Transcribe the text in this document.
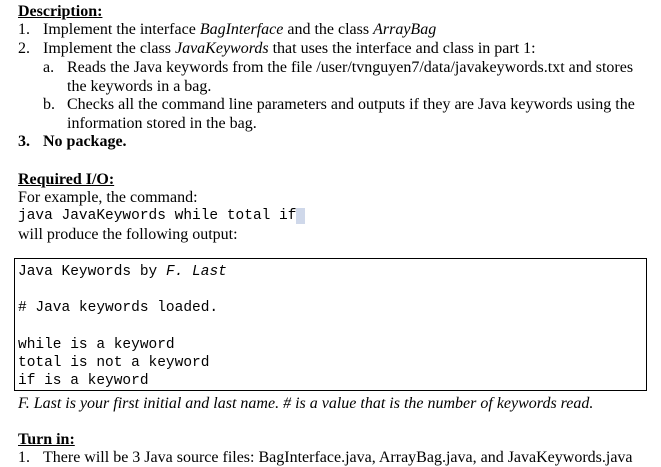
Description:
1. Implement the interface BagInterface and the class ArrayBag
2. Implement the class JavaKeywords that uses the interface and class in part 1:
a. Reads the Java keywords from the file /user/tvnguyen7/data/javakeywords.txt and stores
the keywords in a bag.
b. Checks all the command line parameters and outputs if they are Java keywords using the
information stored in the bag.
3. No package.
Required I/O:
For example, the command:
java JavaKeywords while total if
will produce the following output:
Java Keywords by F. Last
# Java keywords loaded.
while is a keyword
total is not a keyword
if is a keyword
F. Last is your first initial and last name. # is a value that is the number of keywords read.
Turn in:
1. There will be 3 Java source files: BagInterface.java, ArrayBag.java, and JavaKeywords.java
